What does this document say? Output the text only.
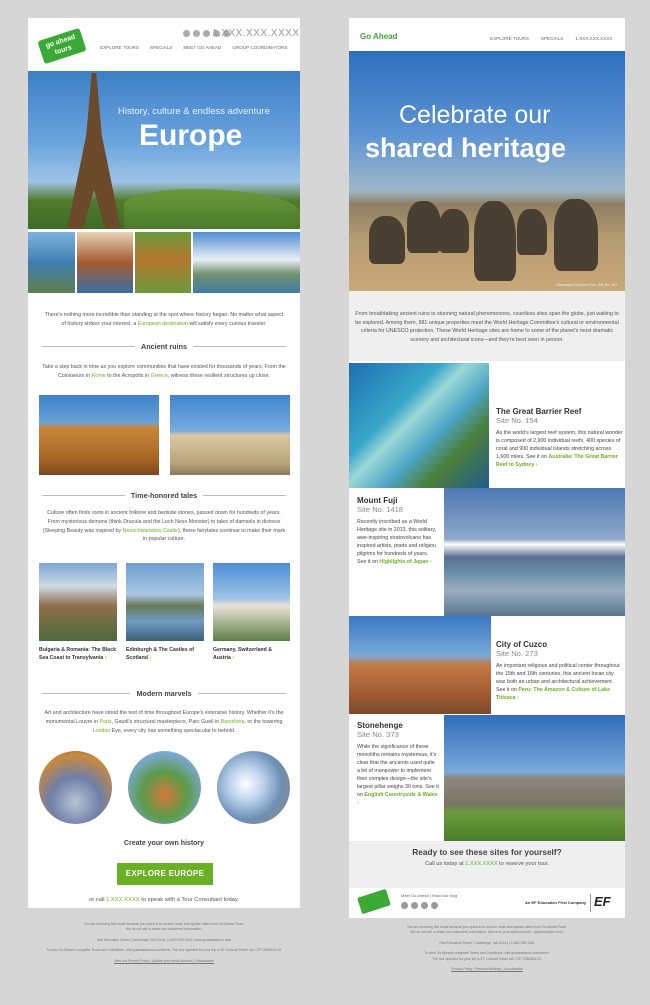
go ahead tours
1.XXX.XXX.XXXX
EXPLORE TOURS SPECIALS MEET GO AHEAD GROUP COORDINATORS
History, culture & endless adventure
Europe
There's nothing more incredible than standing at the spot where history began. No matter what aspect of history strikes your interest, a European destination will satisfy every curious traveler.
Ancient ruins
Take a step back in time as you explore communities that have existed for thousands of years. From the Colosseum in Rome to the Acropolis in Greece, witness these resilient structures up close.
Time-honored tales
Culture often finds roots in ancient folklore and bedside stories, passed down for hundreds of years. From mysterious demons (think Dracula and the Loch Ness Monster) to tales of damsels in distress (Sleeping Beauty was inspired by Neuschwanstein Castle), these fairytales continue to make their mark in popular culture.
Bulgaria & Romania: The Black Sea Coast to Transylvania ›
Edinburgh & The Castles of Scotland ›
Germany, Switzerland & Austria ›
Modern marvels
Art and architecture have stood the test of time throughout Europe's extensive history. Whether it's the monumental Louvre in Paris, Gaudi's structural masterpiece, Parc Guell in Barcelona, or the towering London Eye, every city has something spectacular to behold.
Create your own history
EXPLORE EUROPE
or call 1.XXX.XXXX to speak with a Tour Consultant today.
You are receiving this email because you opted in to receive news and special offers from Go Ahead Tours.
We do not sell or share our customers' information.
One Education Street | Cambridge, MA 02141 | 1-800-590-1161 | www.goaheadtours.com
To view Go Ahead's complete Terms and Conditions, visit goaheadtours.com/terms. The tour operator for your trip is EF Cultural Travel Ltd. CST 2060343-20.
View our Privacy Policy | Update your email address | Unsubscribe
Go Ahead	EXPLORE TOURS	SPECIALS	1.XXX.XXX.XXXX
Celebrate our
shared heritage
Kilimanjaro National Park, Site No. 403
From breathtaking ancient ruins to stunning natural phenomenons, countless sites span the globe, just waiting to be explored. Among them, 981 unique properties meet the World Heritage Committee's cultural or environmental criteria for UNESCO protection. These World Heritage sites are home to some of the planet's most dramatic scenery and architectural icons—and they're best seen in person.
The Great Barrier Reef
Site No. 154
As the world's largest reef system, this natural wonder is composed of 2,900 individual reefs, 400 species of coral and 900 individual islands stretching across 1,600 miles. See it on Australia: The Great Barrier Reef to Sydney ›
Mount Fuji
Site No. 1418
Recently inscribed as a World Heritage site in 2013, this solitary, awe-inspiring stratovolcano has inspired artists, poets and religious pilgrims for hundreds of years. See it on Highlights of Japan ›
City of Cuzco
Site No. 273
An important religious and political center throughout the 15th and 16th centuries, this ancient Incan city was both an urban and architectural achievement. See it on Peru: The Amazon & Culture of Lake Titicaca ›
Stonehenge
Site No. 373
While the significance of these monoliths remains mysterious, it's clear that the ancients used quite a bit of manpower to implement their complex design—the site's largest pillar weighs 30 tons. See it on English Countryside & Wales ›
Ready to see these sites for yourself?
Call us today at 1.XXX.XXXX to reserve your tour.
Meet Go Ahead | Read our blog
An EF Education First Company EF
You are receiving this email because you opted in to receive news and special offers from Go Ahead Tours.
We do not sell or share our customers' information. Add us to your address book: <goahead@ef.com>
One Education Street | Cambridge, MA 02141 | 1-800-590-1161
To view Go Ahead's complete Terms and Conditions, visit goaheadtours.com/terms.
The tour operator for your trip is EF Cultural Travel Ltd. CST 2060343-20.
Privacy Policy | Personal settings | Unsubscribe
